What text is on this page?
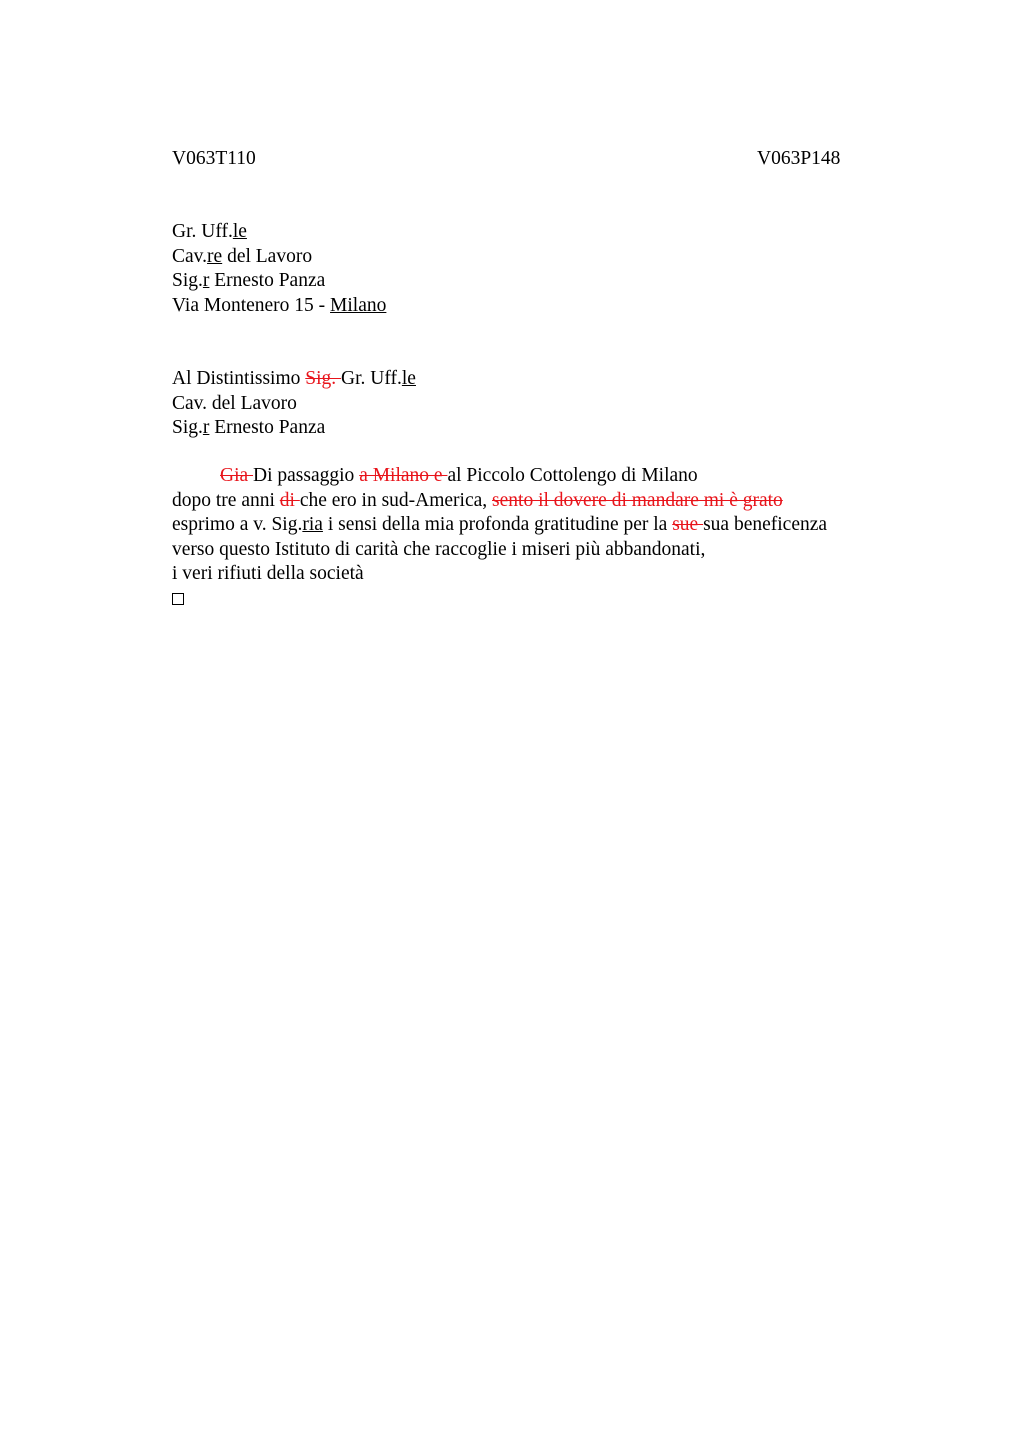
V063T110	V063P148
Gr. Uff.le
Cav.re del Lavoro
Sig.r Ernesto Panza
Via Montenero 15 - Milano
Al Distintissimo Sig. Gr. Uff.le
Cav. del Lavoro
Sig.r Ernesto Panza
Gia Di passaggio a Milano e al Piccolo Cottolengo di Milano
dopo tre anni di che ero in sud-America, sento il dovere di mandare mi è grato
esprimo a v. Sig.ria i sensi della mia profonda gratitudine per la sue sua beneficenza
verso questo Istituto di carità che raccoglie i miseri più abbandonati,
i veri rifiuti della società
